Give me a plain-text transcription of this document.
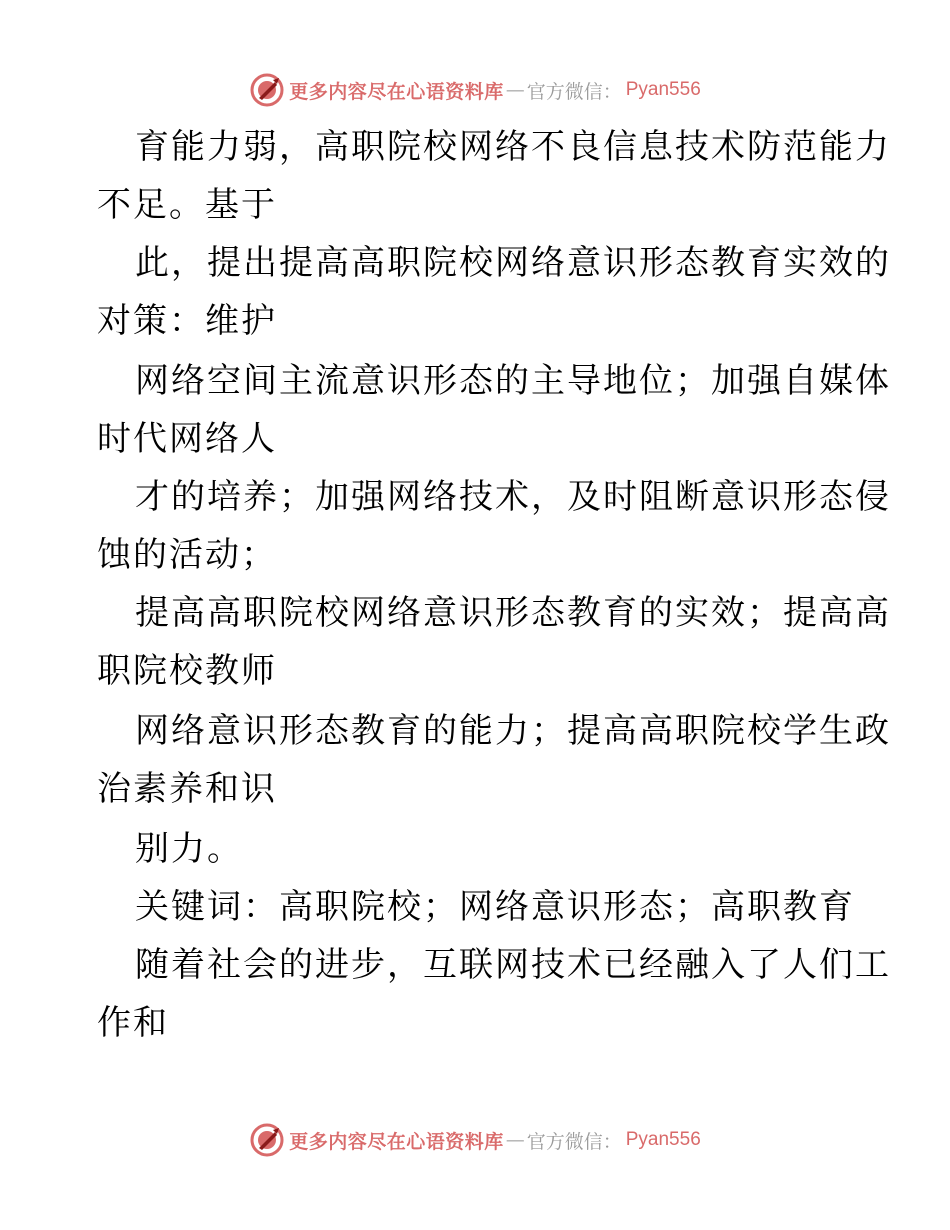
更多内容尽在心语资料库 — 官方微信： Pyan556
育能力弱，高职院校网络不良信息技术防范能力
不足。基于
此，提出提高高职院校网络意识形态教育实效的
对策：维护
网络空间主流意识形态的主导地位；加强自媒体
时代网络人
才的培养；加强网络技术，及时阻断意识形态侵
蚀的活动；
提高高职院校网络意识形态教育的实效；提高高
职院校教师
网络意识形态教育的能力；提高高职院校学生政
治素养和识
别力。
关键词：高职院校；网络意识形态；高职教育
随着社会的进步，互联网技术已经融入了人们工
作和
更多内容尽在心语资料库 — 官方微信： Pyan556
